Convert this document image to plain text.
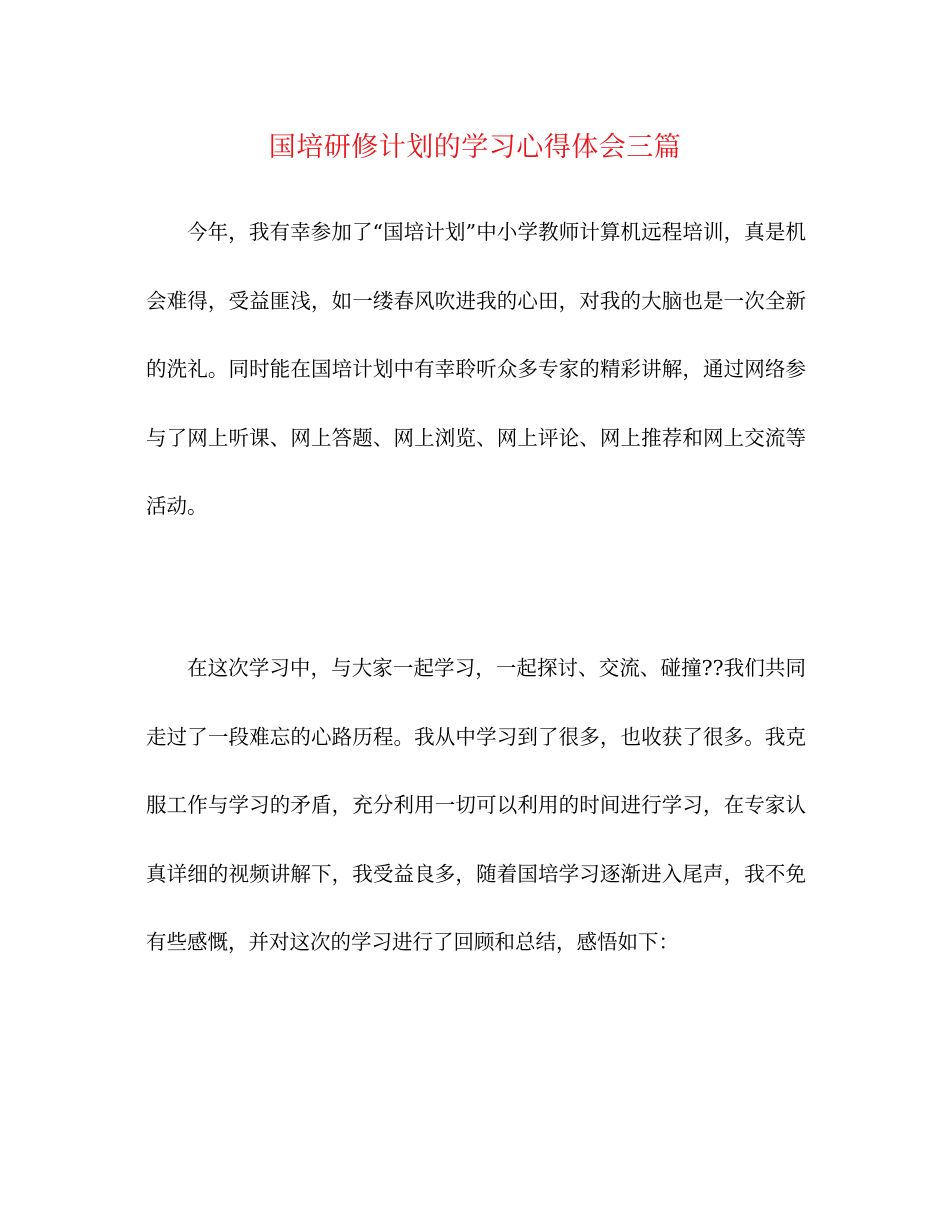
国培研修计划的学习心得体会三篇

今年，我有幸参加了“国培计划”中小学教师计算机远程培训，真是机会难得，受益匪浅，如一缕春风吹进我的心田，对我的大脑也是一次全新的洗礼。同时能在国培计划中有幸聆听众多专家的精彩讲解，通过网络参与了网上听课、网上答题、网上浏览、网上评论、网上推荐和网上交流等活动。

在这次学习中，与大家一起学习，一起探讨、交流、碰撞??我们共同走过了一段难忘的心路历程。我从中学习到了很多，也收获了很多。我克服工作与学习的矛盾，充分利用一切可以利用的时间进行学习，在专家认真详细的视频讲解下，我受益良多，随着国培学习逐渐进入尾声，我不免有些感慨，并对这次的学习进行了回顾和总结，感悟如下：
